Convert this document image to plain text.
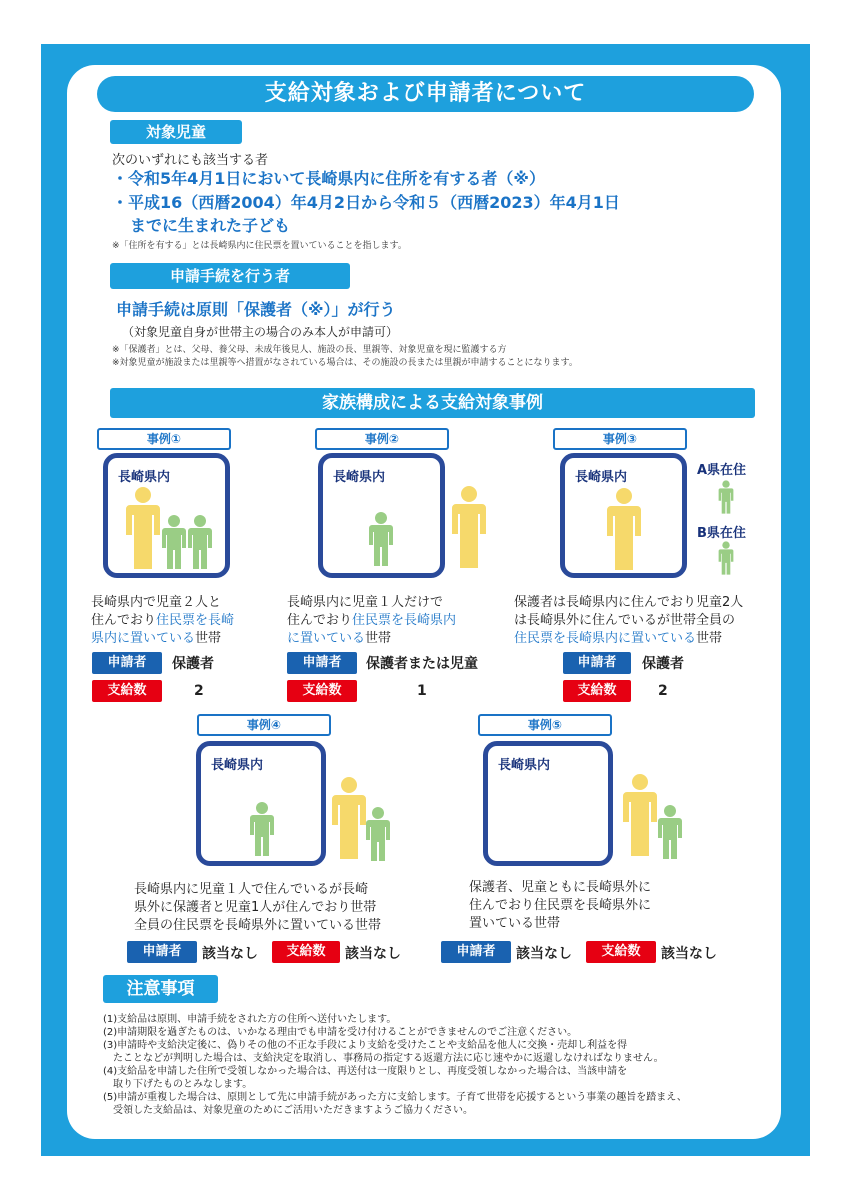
支給対象および申請者について
対象児童
次のいずれにも該当する者
・令和5年4月1日において長崎県内に住所を有する者（※）
・平成16（西暦2004）年4月2日から令和５（西暦2023）年4月1日
までに生まれた子ども
※「住所を有する」とは長崎県内に住民票を置いていることを指します。
申請手続を行う者
申請手続は原則「保護者（※）」が行う
（対象児童自身が世帯主の場合のみ本人が申請可）
※「保護者」とは、父母、養父母、未成年後見人、施設の長、里親等、対象児童を現に監護する方
※対象児童が施設または里親等へ措置がなされている場合は、その施設の長または里親が申請することになります。
家族構成による支給対象事例
事例①
長崎県内
長崎県内で児童２人と
住んでおり住民票を長崎
県内に置いている世帯
申請者	保護者
支給数	2
事例②
長崎県内
長崎県内に児童１人だけで
住んでおり住民票を長崎県内
に置いている世帯
申請者	保護者または児童
支給数	1
事例③
長崎県内	A県在住
B県在住
保護者は長崎県内に住んでおり児童2人
は長崎県外に住んでいるが世帯全員の
住民票を長崎県内に置いている世帯
申請者	保護者
支給数	2
事例④
長崎県内
長崎県内に児童１人で住んでいるが長崎
県外に保護者と児童1人が住んでおり世帯
全員の住民票を長崎県外に置いている世帯
申請者	該当なし	支給数	該当なし
事例⑤
長崎県内
保護者、児童ともに長崎県外に
住んでおり住民票を長崎県外に
置いている世帯
申請者	該当なし	支給数	該当なし
注意事項
(1)支給品は原則、申請手続をされた方の住所へ送付いたします。
(2)申請期限を過ぎたものは、いかなる理由でも申請を受け付けることができませんのでご注意ください。
(3)申請時や支給決定後に、偽りその他の不正な手段により支給を受けたことや支給品を他人に交換・売却し利益を得
　たことなどが判明した場合は、支給決定を取消し、事務局の指定する返還方法に応じ速やかに返還しなければなりません。
(4)支給品を申請した住所で受領しなかった場合は、再送付は一度限りとし、再度受領しなかった場合は、当該申請を
　取り下げたものとみなします。
(5)申請が重複した場合は、原則として先に申請手続があった方に支給します。子育て世帯を応援するという事業の趣旨を踏まえ、
　受領した支給品は、対象児童のためにご活用いただきますようご協力ください。
